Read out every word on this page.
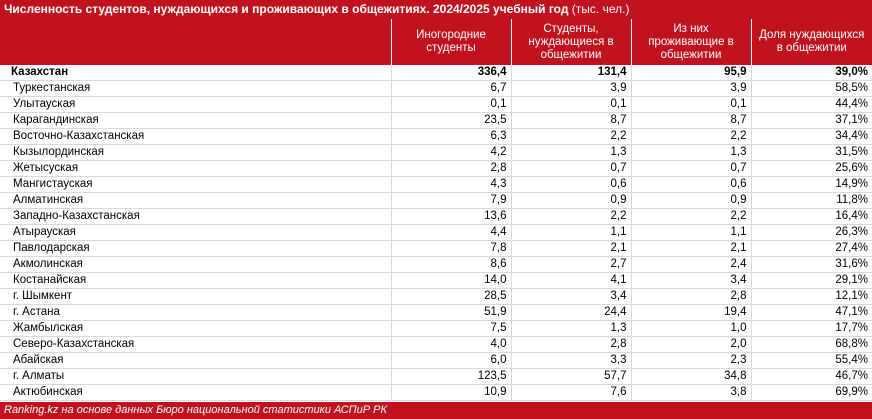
Численность студентов, нуждающихся и проживающих в общежитиях. 2024/2025 учебный год (тыс. чел.)
	Иногородние студенты	Студенты, нуждающиеся в общежитии	Из них проживающие в общежитии	Доля нуждающихся в общежитии
Казахстан	336,4	131,4	95,9	39,0%
Туркестанская	6,7	3,9	3,9	58,5%
Улытауская	0,1	0,1	0,1	44,4%
Карагандинская	23,5	8,7	8,7	37,1%
Восточно-Казахстанская	6,3	2,2	2,2	34,4%
Кызылординская	4,2	1,3	1,3	31,5%
Жетысуская	2,8	0,7	0,7	25,6%
Мангистауская	4,3	0,6	0,6	14,9%
Алматинская	7,9	0,9	0,9	11,8%
Западно-Казахстанская	13,6	2,2	2,2	16,4%
Атырауская	4,4	1,1	1,1	26,3%
Павлодарская	7,8	2,1	2,1	27,4%
Акмолинская	8,6	2,7	2,4	31,6%
Костанайская	14,0	4,1	3,4	29,1%
г. Шымкент	28,5	3,4	2,8	12,1%
г. Астана	51,9	24,4	19,4	47,1%
Жамбылская	7,5	1,3	1,0	17,7%
Северо-Казахстанская	4,0	2,8	2,0	68,8%
Абайская	6,0	3,3	2,3	55,4%
г. Алматы	123,5	57,7	34,8	46,7%
Актюбинская	10,9	7,6	3,8	69,9%
Ranking.kz на основе данных Бюро национальной статистики АСПиР РК
